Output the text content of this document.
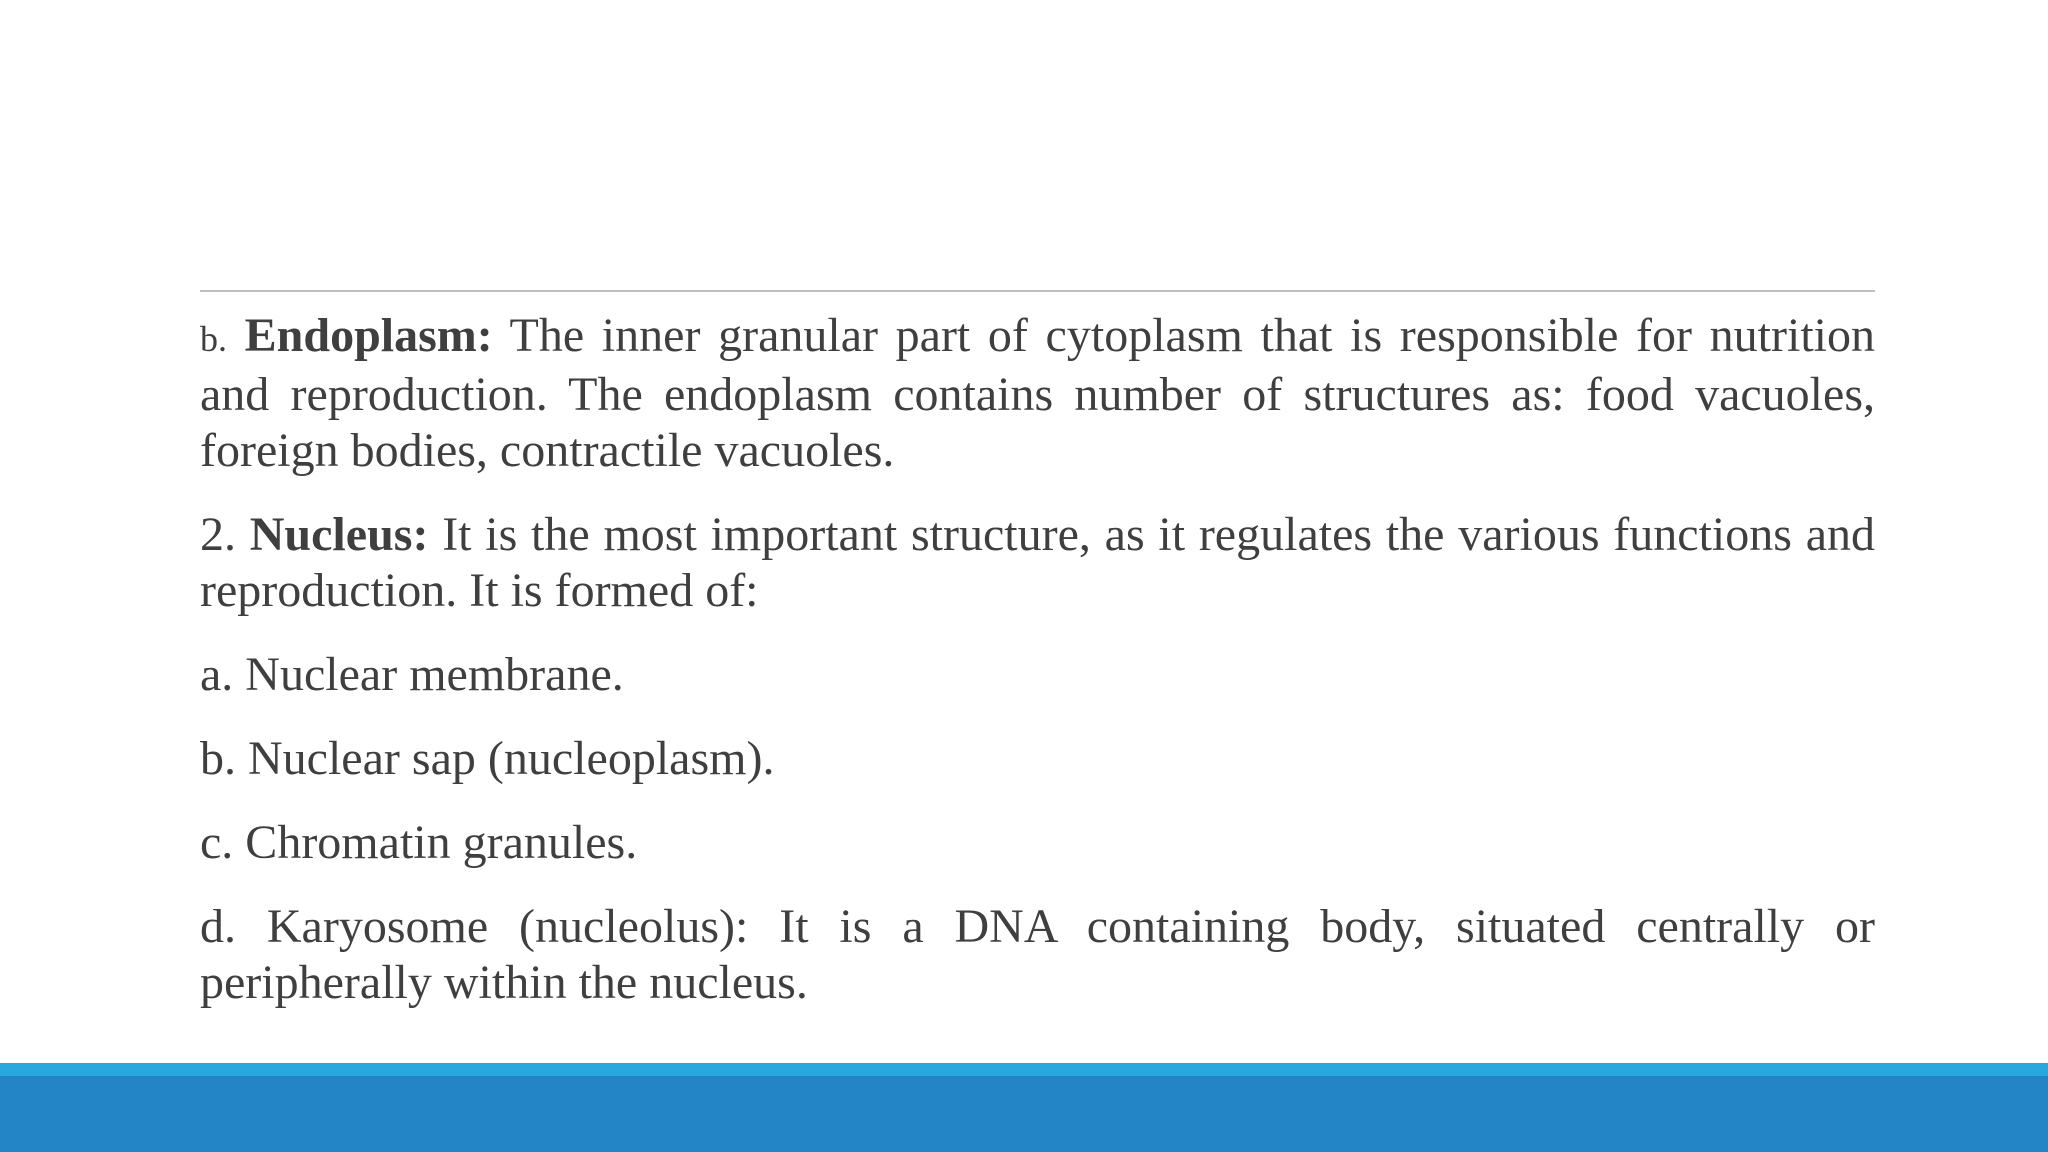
b. Endoplasm: The inner granular part of cytoplasm that is responsible for nutrition and reproduction. The endoplasm contains number of structures as: food vacuoles, foreign bodies, contractile vacuoles.

2. Nucleus: It is the most important structure, as it regulates the various functions and reproduction. It is formed of:

a. Nuclear membrane.

b. Nuclear sap (nucleoplasm).

c. Chromatin granules.

d. Karyosome (nucleolus): It is a DNA containing body, situated centrally or peripherally within the nucleus.
